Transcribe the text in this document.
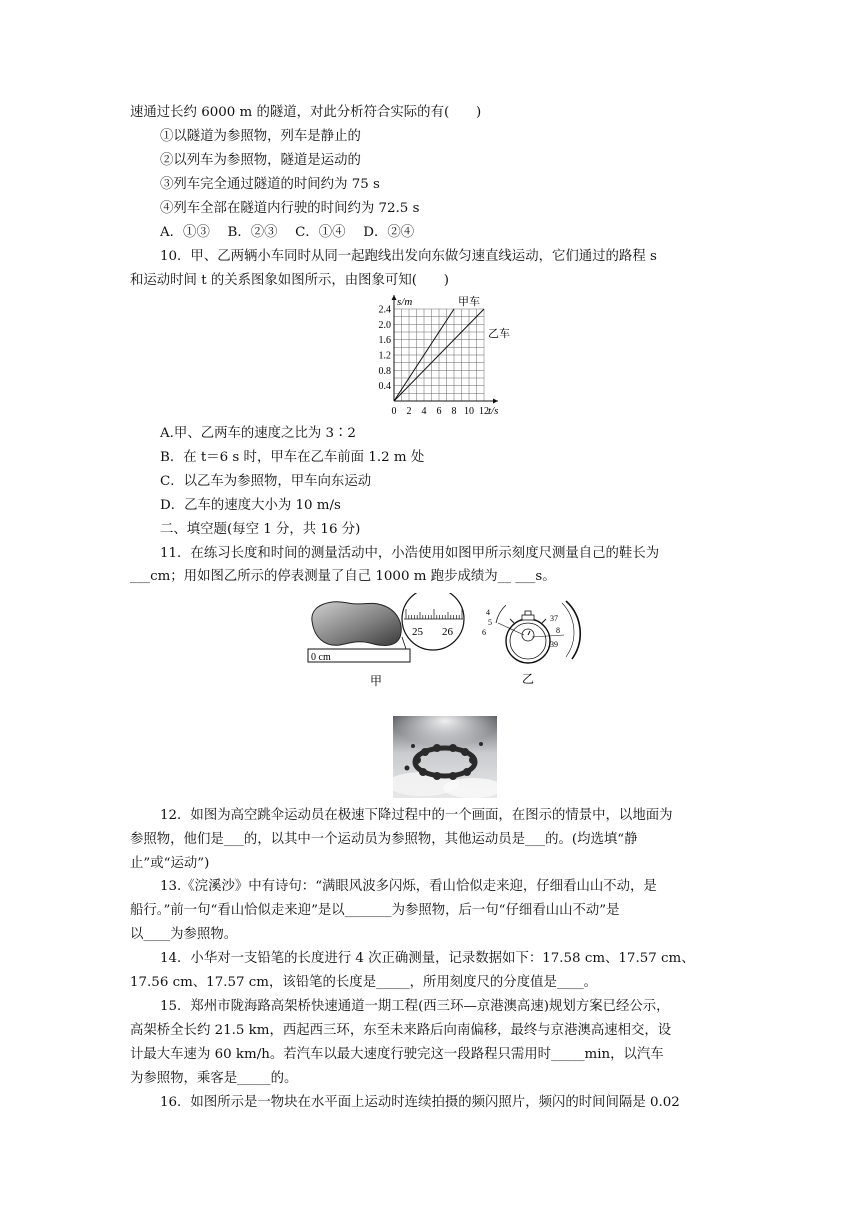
速通过长约 6000 m 的隧道，对此分析符合实际的有(　　)
①以隧道为参照物，列车是静止的
②以列车为参照物，隧道是运动的
③列车完全通过隧道的时间约为 75 s
④列车全部在隧道内行驶的时间约为 72.5 s
A．①③　 B．②③　 C．①④　 D．②④
10．甲、乙两辆小车同时从同一起跑线出发向东做匀速直线运动，它们通过的路程 s
和运动时间 t 的关系图象如图所示，由图象可知(　　)
s/m
t/s
0.4
0.8
1.2
1.6
2.0
2.4
0 2 4 6 8 10 12
甲车
乙车
A.甲、乙两车的速度之比为 3∶2
B．在 t＝6 s 时，甲车在乙车前面 1.2 m 处
C．以乙车为参照物，甲车向东运动
D．乙车的速度大小为 10 m/s
二、填空题(每空 1 分，共 16 分)
11．在练习长度和时间的测量活动中，小浩使用如图甲所示刻度尺测量自己的鞋长为
___cm；用如图乙所示的停表测量了自己 1000 m 跑步成绩为__ ___s。
0 cm
25 26
甲
4
5
6
37
8
39
乙
12．如图为高空跳伞运动员在极速下降过程中的一个画面，在图示的情景中，以地面为
参照物，他们是___的，以其中一个运动员为参照物，其他运动员是___的。(均选填“静
止”或“运动”)
13.《浣溪沙》中有诗句：“满眼风波多闪烁，看山恰似走来迎，仔细看山山不动，是
船行。”前一句“看山恰似走来迎”是以_______为参照物，后一句“仔细看山山不动”是
以____为参照物。
14．小华对一支铅笔的长度进行 4 次正确测量，记录数据如下：17.58 cm、17.57 cm、
17.56 cm、17.57 cm，该铅笔的长度是_____，所用刻度尺的分度值是____。
15．郑州市陇海路高架桥快速通道一期工程(西三环—京港澳高速)规划方案已经公示，
高架桥全长约 21.5 km，西起西三环，东至未来路后向南偏移，最终与京港澳高速相交，设
计最大车速为 60 km/h。若汽车以最大速度行驶完这一段路程只需用时_____min，以汽车
为参照物，乘客是_____的。
16．如图所示是一物块在水平面上运动时连续拍摄的频闪照片，频闪的时间间隔是 0.02
